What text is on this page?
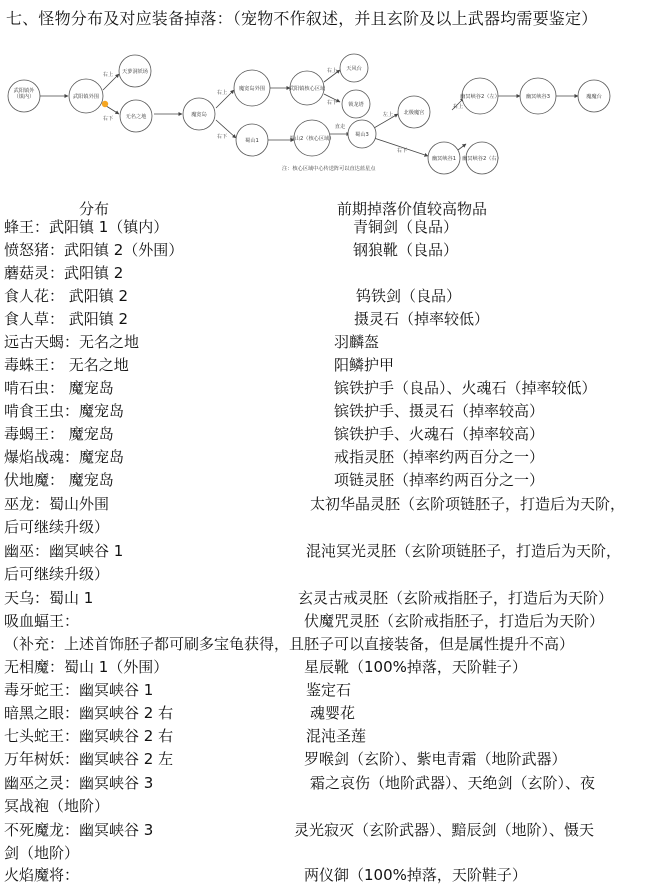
七、怪物分布及对应装备掉落：（宠物不作叙述，并且玄阶及以上武器均需要鉴定）
武阳镇外（镇内）	武阳镇外围
天萝洞妖场
无名之地	魔宽岛
魔宽岛外围	武阳镇核心区域
蜀山1	蜀山2（核心区域）
天风台
锁龙塔
蜀山3
北极魔宫
幽冥峡谷1 幽冥峡谷2（右）
幽冥峡谷2（左）	幽冥峡谷3	魔魔台
右上
右下
右上
右下
右上
右下
直走
左上
右上
右下
注：核心区域中心传送阵可以直达蓝星点
分布	前期掉落价值较高物品
蜂王：武阳镇 1（镇内）	青铜剑（良品）
愤怒猪：武阳镇 2（外围）	钢狼靴（良品）
蘑菇灵：武阳镇 2
食人花： 武阳镇 2	钨铁剑（良品）
食人草： 武阳镇 2	摄灵石（掉率较低）
远古天蝎：无名之地	羽麟盔
毒蛛王： 无名之地	阳鳞护甲
啃石虫： 魔宠岛	镔铁护手（良品）、火魂石（掉率较低）
啃食王虫：魔宠岛	镔铁护手、摄灵石（掉率较高）
毒蝎王： 魔宠岛	镔铁护手、火魂石（掉率较高）
爆焰战魂：魔宠岛	戒指灵胚（掉率约两百分之一）
伏地魔： 魔宠岛	项链灵胚（掉率约两百分之一）
巫龙：蜀山外围	太初华晶灵胚（玄阶项链胚子，打造后为天阶，
后可继续升级）
幽巫：幽冥峡谷 1	混沌冥光灵胚（玄阶项链胚子，打造后为天阶，
后可继续升级）
天乌：蜀山 1	玄灵古戒灵胚（玄阶戒指胚子，打造后为天阶）
吸血蝠王：	伏魔咒灵胚（玄阶戒指胚子，打造后为天阶）
（补充：上述首饰胚子都可刷多宝龟获得，且胚子可以直接装备，但是属性提升不高）
无相魔：蜀山 1（外围）	星辰靴（100%掉落，天阶鞋子）
毒牙蛇王：幽冥峡谷 1	鉴定石
暗黑之眼：幽冥峡谷 2 右	魂婴花
七头蛇王：幽冥峡谷 2 右	混沌圣莲
万年树妖：幽冥峡谷 2 左	罗喉剑（玄阶）、紫电青霜（地阶武器）
幽巫之灵：幽冥峡谷 3	霜之哀伤（地阶武器）、天绝剑（玄阶）、夜
冥战袍（地阶）
不死魔龙：幽冥峡谷 3	灵光寂灭（玄阶武器）、黯辰剑（地阶）、慑天
剑（地阶）
火焰魔将：	两仪御（100%掉落，天阶鞋子）
